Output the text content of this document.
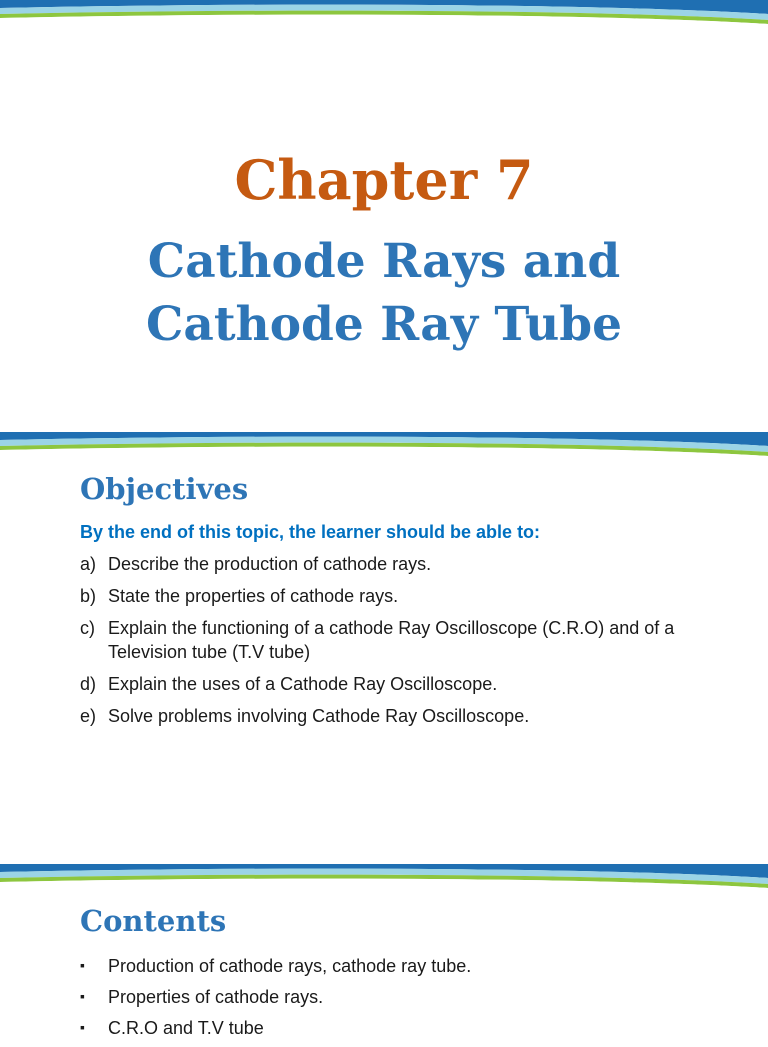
Chapter 7
Cathode Rays and
Cathode Ray Tube
Objectives

By the end of this topic, the learner should be able to:

a) Describe the production of cathode rays.
b) State the properties of cathode rays.
c) Explain the functioning of a cathode Ray Oscilloscope (C.R.O) and of a Television tube (T.V tube)
d) Explain the uses of a Cathode Ray Oscilloscope.
e) Solve problems involving Cathode Ray Oscilloscope.
Contents
▪	Production of cathode rays, cathode ray tube.
▪	Properties of cathode rays.
▪	C.R.O and T.V tube
